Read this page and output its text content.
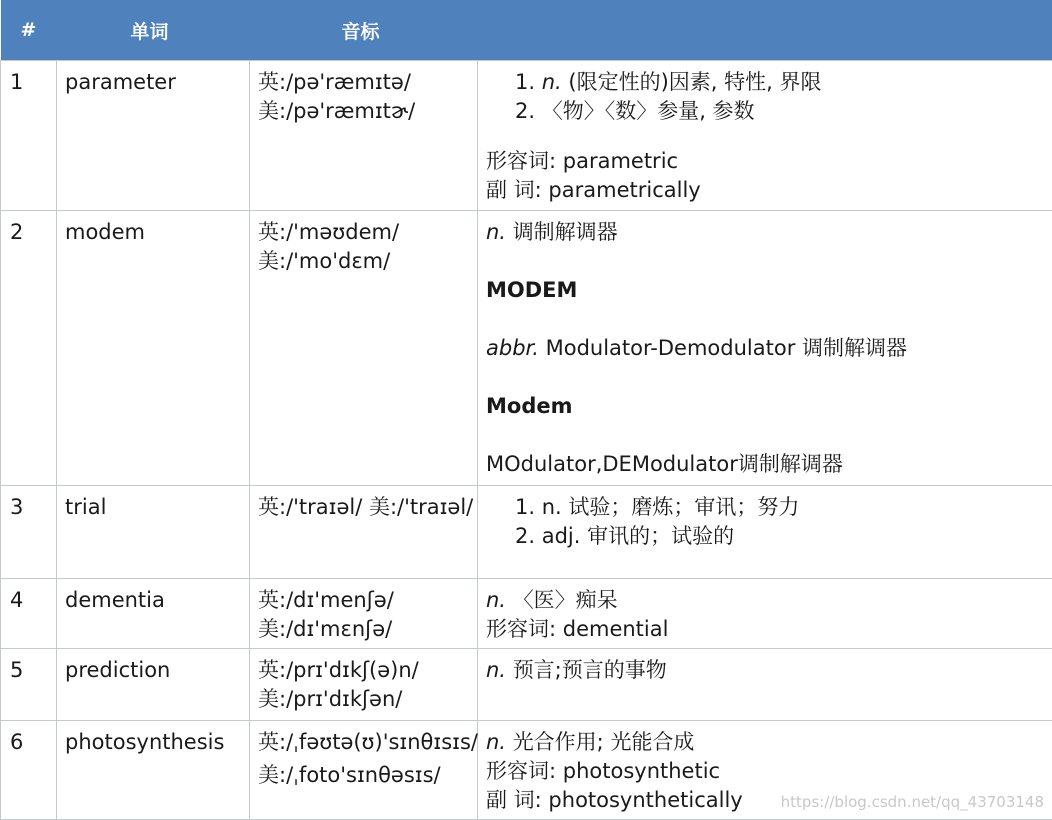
#	单词	音标	
1	parameter	英:/pə'ræmɪtə/
美:/pə'ræmɪtɚ/	1. n. (限定性的)因素, 特性, 界限
2. 〈物〉〈数〉参量, 参数
形容词: parametric
副 词: parametrically

2	modem	英:/'məʊdem/
美:/'mo'dɛm/	n. 调制解调器
MODEM
abbr. Modulator-Demodulator 调制解调器
Modem
MOdulator,DEModulator调制解调器

3	trial	英:/'traɪəl/ 美:/'traɪəl/	1. n. 试验；磨炼；审讯；努力
2. adj. 审讯的；试验的

4	dementia	英:/dɪ'menʃə/
美:/dɪ'mɛnʃə/	n. 〈医〉痴呆
形容词: demential

5	prediction	英:/prɪ'dɪkʃ(ə)n/
美:/prɪ'dɪkʃən/	n. 预言;预言的事物

6	photosynthesis	英:/ˌfəʊtə(ʊ)'sɪnθɪsɪs/
美:/ˌfoto'sɪnθəsɪs/	n. 光合作用; 光能合成
形容词: photosynthetic
副 词: photosynthetically	https://blog.csdn.net/qq_43703148
